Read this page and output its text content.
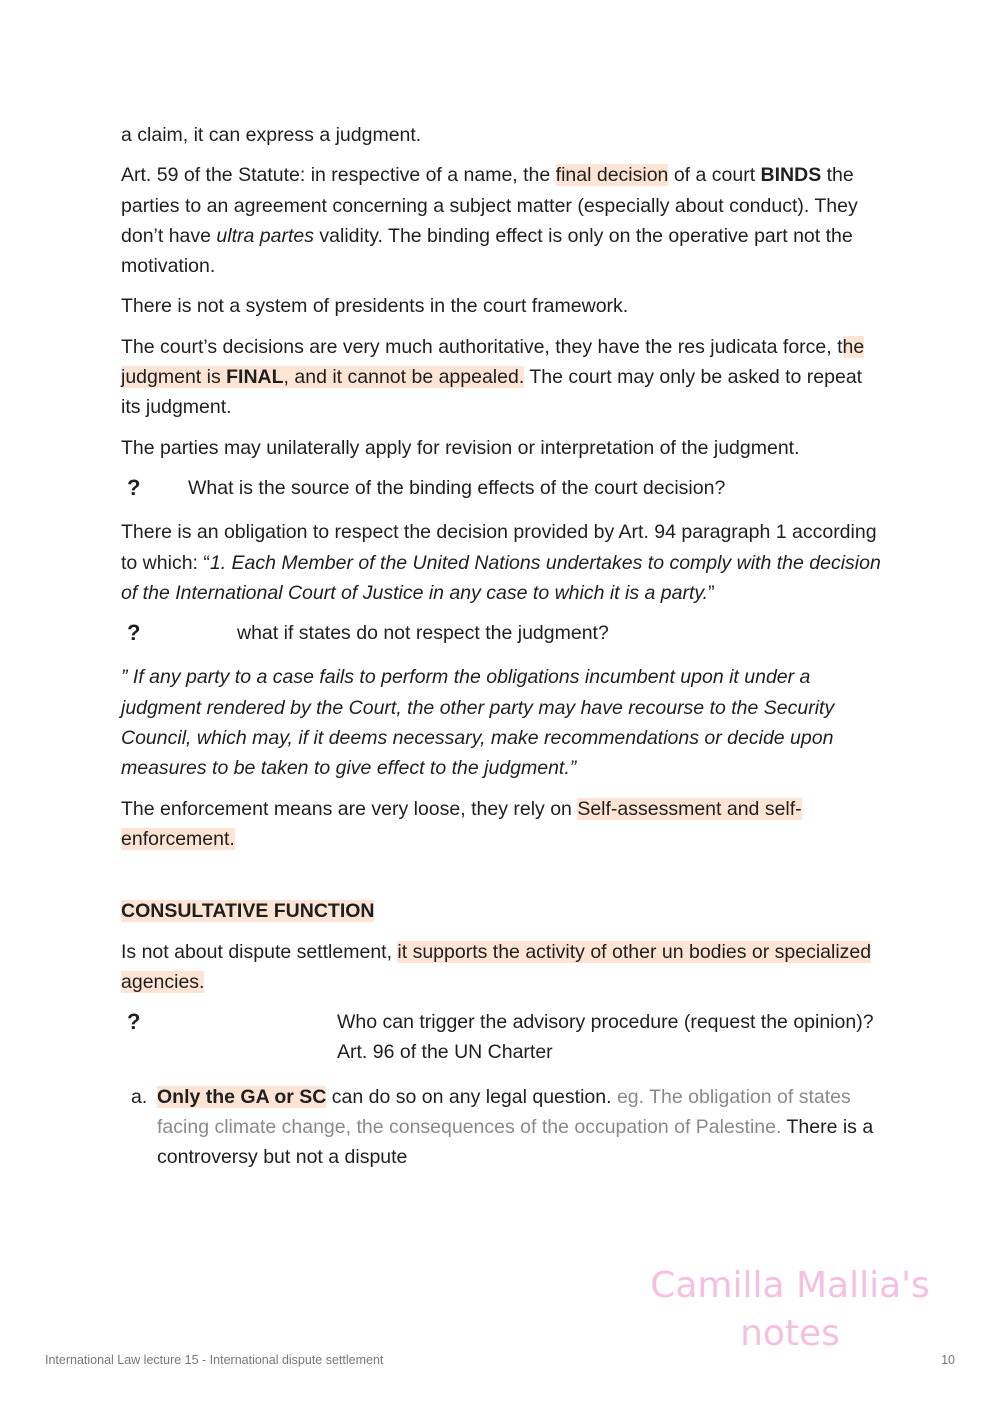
a claim, it can express a judgment.

Art. 59 of the Statute: in respective of a name, the final decision of a court BINDS the parties to an agreement concerning a subject matter (especially about conduct). They don’t have ultra partes validity. The binding effect is only on the operative part not the motivation.

There is not a system of presidents in the court framework.

The court’s decisions are very much authoritative, they have the res judicata force, the judgment is FINAL, and it cannot be appealed. The court may only be asked to repeat its judgment.

The parties may unilaterally apply for revision or interpretation of the judgment.

? What is the source of the binding effects of the court decision?

There is an obligation to respect the decision provided by Art. 94 paragraph 1 according to which: “1. Each Member of the United Nations undertakes to comply with the decision of the International Court of Justice in any case to which it is a party.”

?	what if states do not respect the judgment?

” If any party to a case fails to perform the obligations incumbent upon it under a judgment rendered by the Court, the other party may have recourse to the Security Council, which may, if it deems necessary, make recommendations or decide upon measures to be taken to give effect to the judgment.”

The enforcement means are very loose, they rely on Self-assessment and self-enforcement.

CONSULTATIVE FUNCTION

Is not about dispute settlement, it supports the activity of other un bodies or specialized agencies.

?	Who can trigger the advisory procedure (request the opinion)? Art. 96 of the UN Charter
a. Only the GA or SC can do so on any legal question. eg. The obligation of states facing climate change, the consequences of the occupation of Palestine. There is a controversy but not a dispute
Camilla Mallia's notes
International Law lecture 15 - International dispute settlement	10
